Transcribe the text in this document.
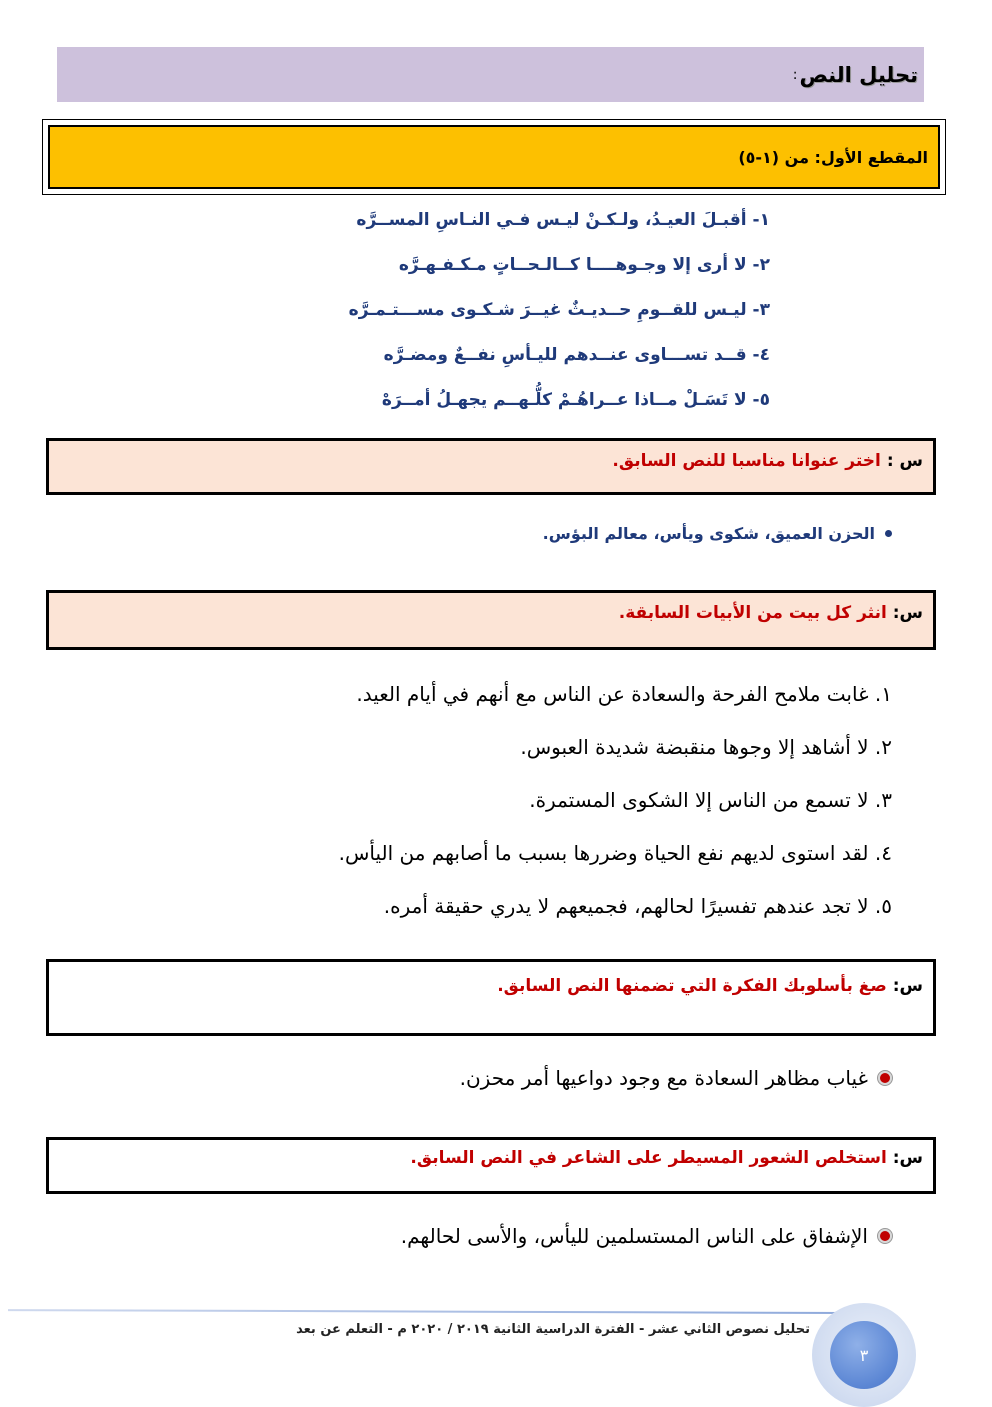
تحليل النص
:
المقطع الأول: من (١-٥)
١- أقبـلَ العيـدُ، ولـكـنْ ليـس فـي النـاسِ المســرَّه
٢- لا أرى إلا وجـوهــــا كــالـحــاتٍ مـكـفـهـرَّه
٣- ليـس للقــومِ حــديـثٌ غيــرَ شـكـوى مســـتـمـرَّه
٤- قــد تســـاوى عنــدهم لليـأسِ نفــعٌ ومضـرَّه
٥- لا تَسَـلْ مــاذا عــراهُـمْ كلُّـهــم يجهـلُ أمــرَهْ
س : اختر عنوانا مناسبا للنص السابق.
الحزن العميق، شكوى ويأس، معالم البؤس.
س: انثر كل بيت من الأبيات السابقة.
١. غابت ملامح الفرحة والسعادة عن الناس مع أنهم في أيام العيد.
٢. لا أشاهد إلا وجوها منقبضة شديدة العبوس.
٣. لا تسمع من الناس إلا الشكوى المستمرة.
٤. لقد استوى لديهم نفع الحياة وضررها بسبب ما أصابهم من اليأس.
٥. لا تجد عندهم تفسيرًا لحالهم، فجميعهم لا يدري حقيقة أمره.
س: صغ بأسلوبك الفكرة التي تضمنها النص السابق.
غياب مظاهر السعادة مع وجود دواعيها أمر محزن.
س: استخلص الشعور المسيطر على الشاعر في النص السابق.
الإشفاق على الناس المستسلمين لليأس، والأسى لحالهم.
تحليل نصوص الثاني عشر - الفترة الدراسية الثانية ٢٠١٩ / ٢٠٢٠ م - التعلم عن بعد
٣
